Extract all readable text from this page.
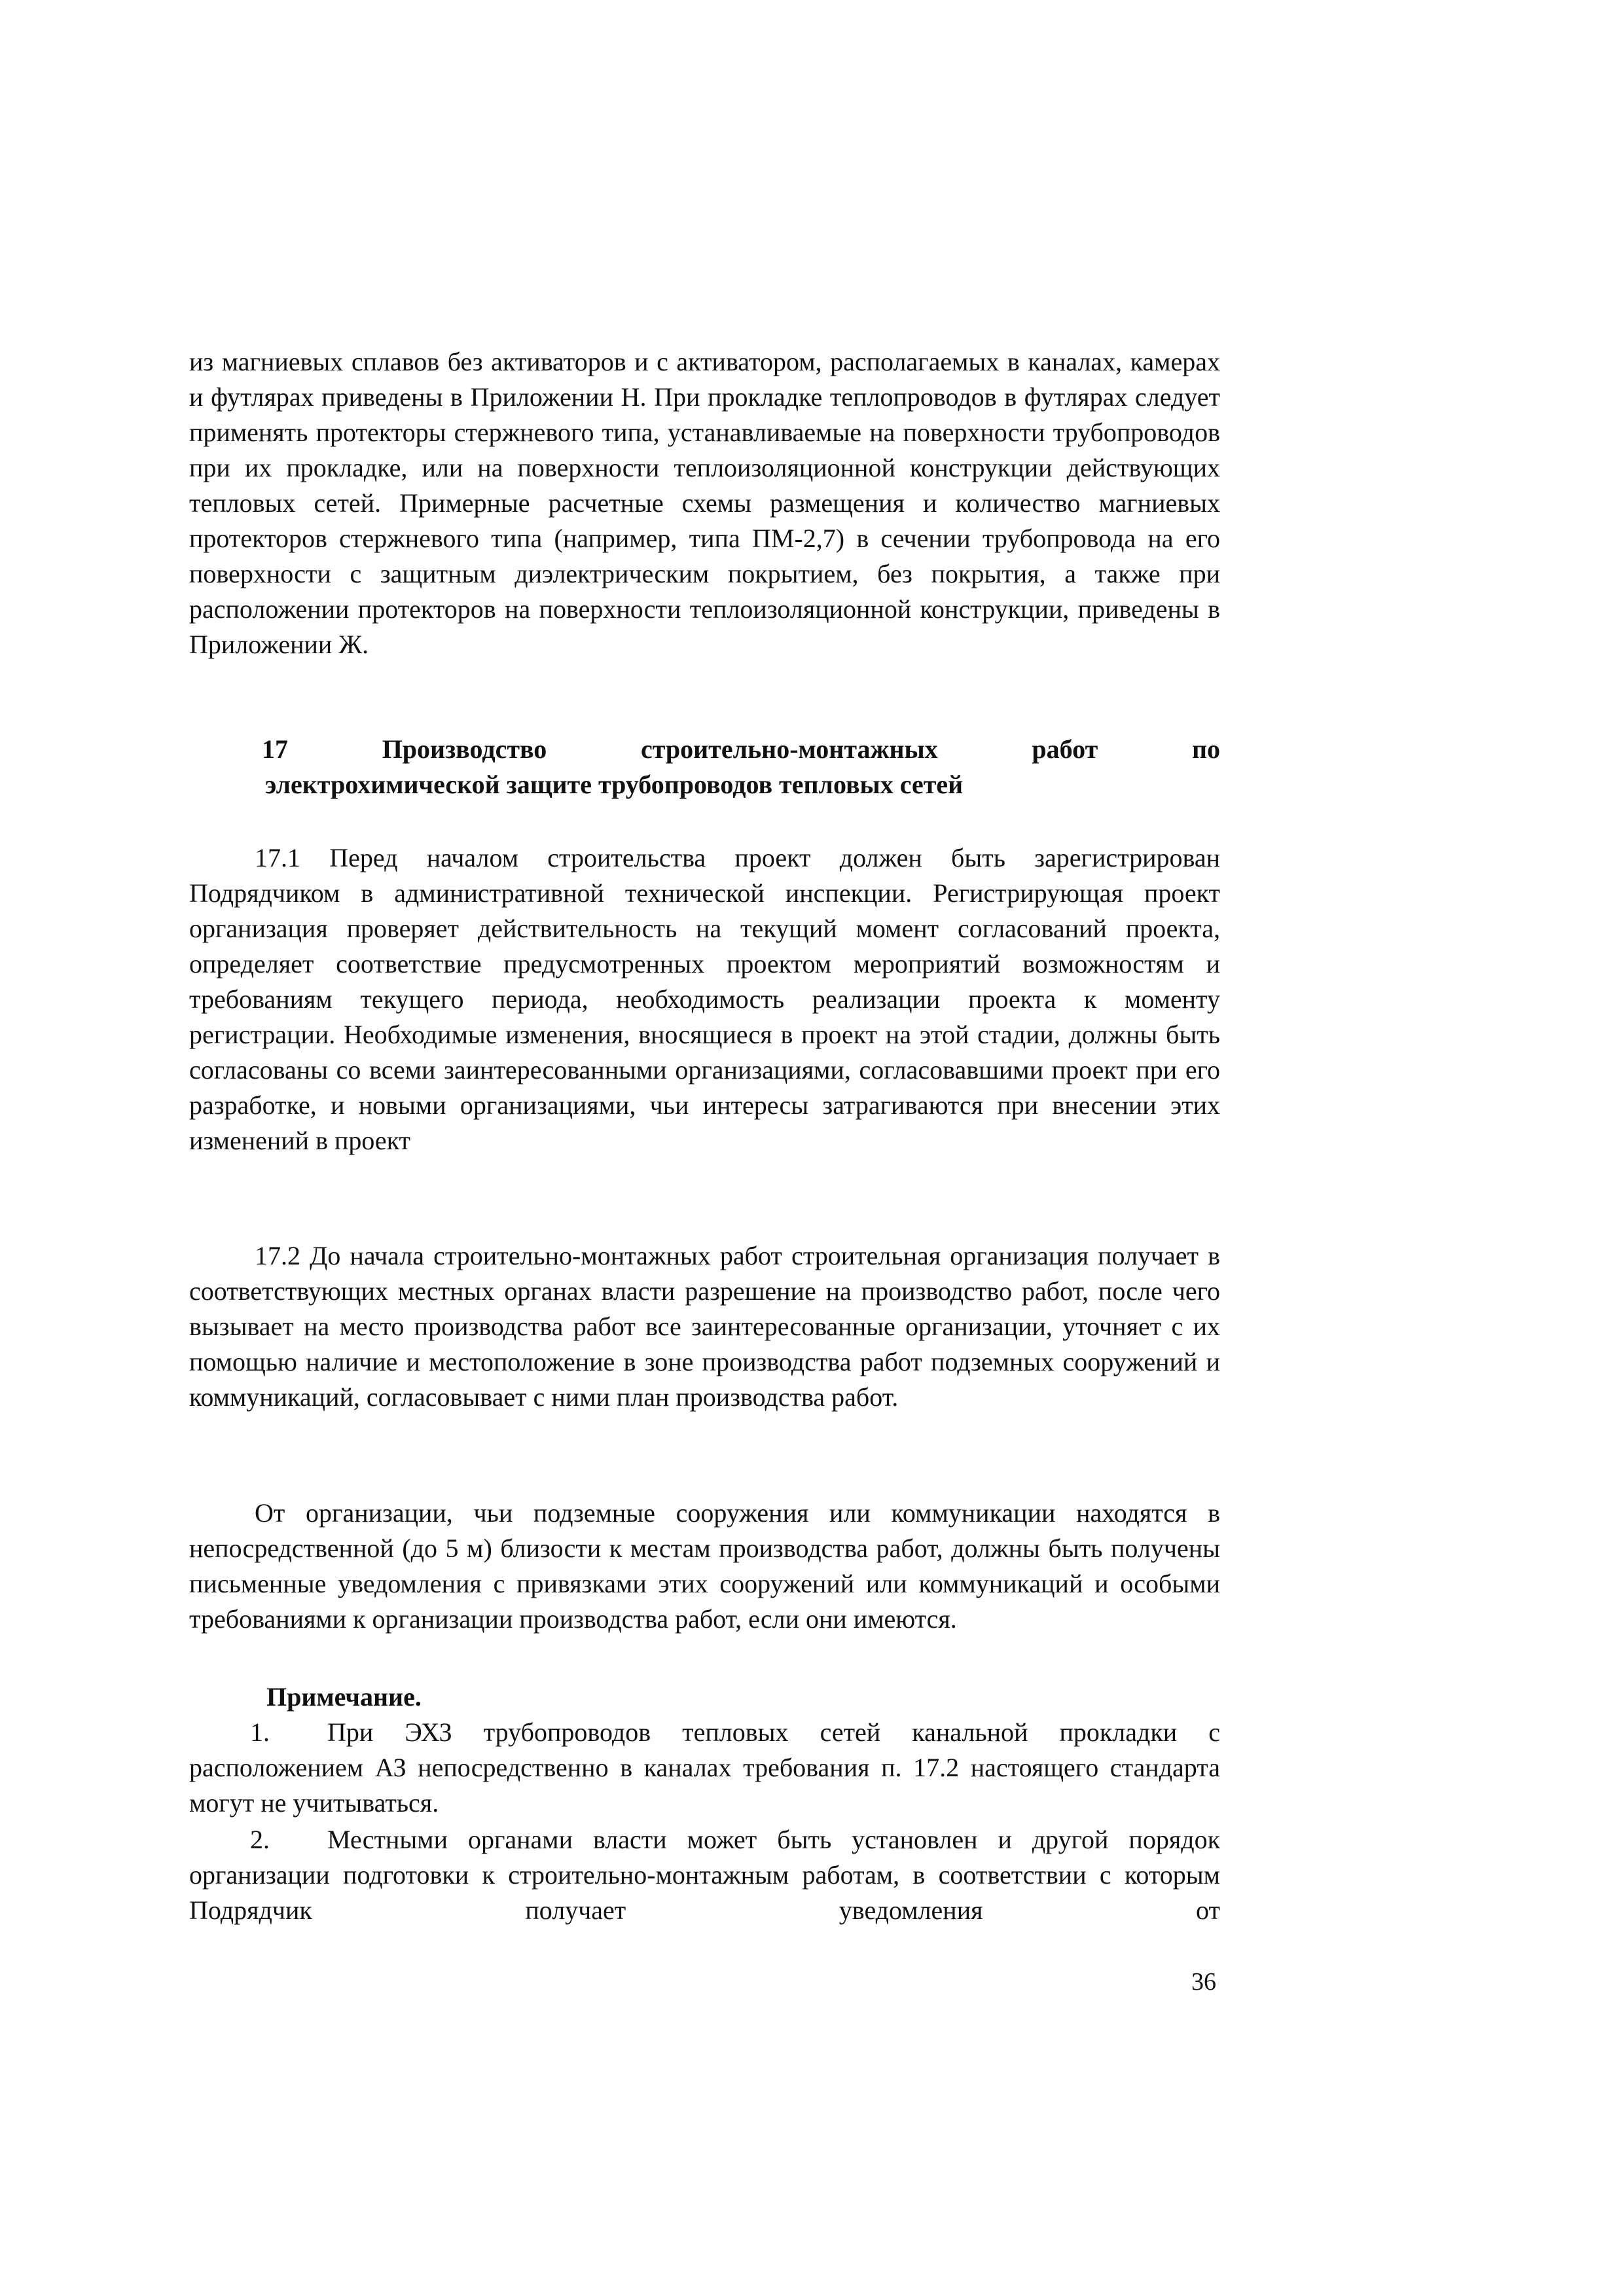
из магниевых сплавов без активаторов и с активатором, располагаемых в каналах, камерах и футлярах приведены в Приложении Н. При прокладке теплопроводов в футлярах следует применять протекторы стержневого типа, устанавливаемые на поверхности трубопроводов при их прокладке, или на поверхности теплоизоляционной конструкции действующих тепловых сетей. Примерные расчетные схемы размещения и количество магниевых протекторов стержневого типа (например, типа ПМ-2,7) в сечении трубопровода на его поверхности с защитным диэлектрическим покрытием, без покрытия, а также при расположении протекторов на поверхности теплоизоляционной конструкции, приведены в Приложении Ж.

17	Производство	строительно-монтажных	работ	по
электрохимической защите трубопроводов тепловых сетей

17.1 Перед началом строительства проект должен быть зарегистрирован Подрядчиком в административной технической инспекции. Регистрирующая проект организация проверяет действительность на текущий момент согласований проекта, определяет соответствие предусмотренных проектом мероприятий возможностям и требованиям текущего периода, необходимость реализации проекта к моменту регистрации. Необходимые изменения, вносящиеся в проект на этой стадии, должны быть согласованы со всеми заинтересованными организациями, согласовавшими проект при его разработке, и новыми организациями, чьи интересы затрагиваются при внесении этих изменений в проект

17.2 До начала строительно-монтажных работ строительная организация получает в соответствующих местных органах власти разрешение на производство работ, после чего вызывает на место производства работ все заинтересованные организации, уточняет с их помощью наличие и местоположение в зоне производства работ подземных сооружений и коммуникаций, согласовывает с ними план производства работ.

От организации, чьи подземные сооружения или коммуникации находятся в непосредственной (до 5 м) близости к местам производства работ, должны быть получены письменные уведомления с привязками этих сооружений или коммуникаций и особыми требованиями к организации производства работ, если они имеются.

Примечание.
1. При ЭХЗ трубопроводов тепловых сетей канальной прокладки с расположением АЗ непосредственно в каналах требования п. 17.2 настоящего стандарта могут не учитываться.
2. Местными органами власти может быть установлен и другой порядок организации подготовки к строительно-монтажным работам, в соответствии с которым Подрядчик получает уведомления от
36
